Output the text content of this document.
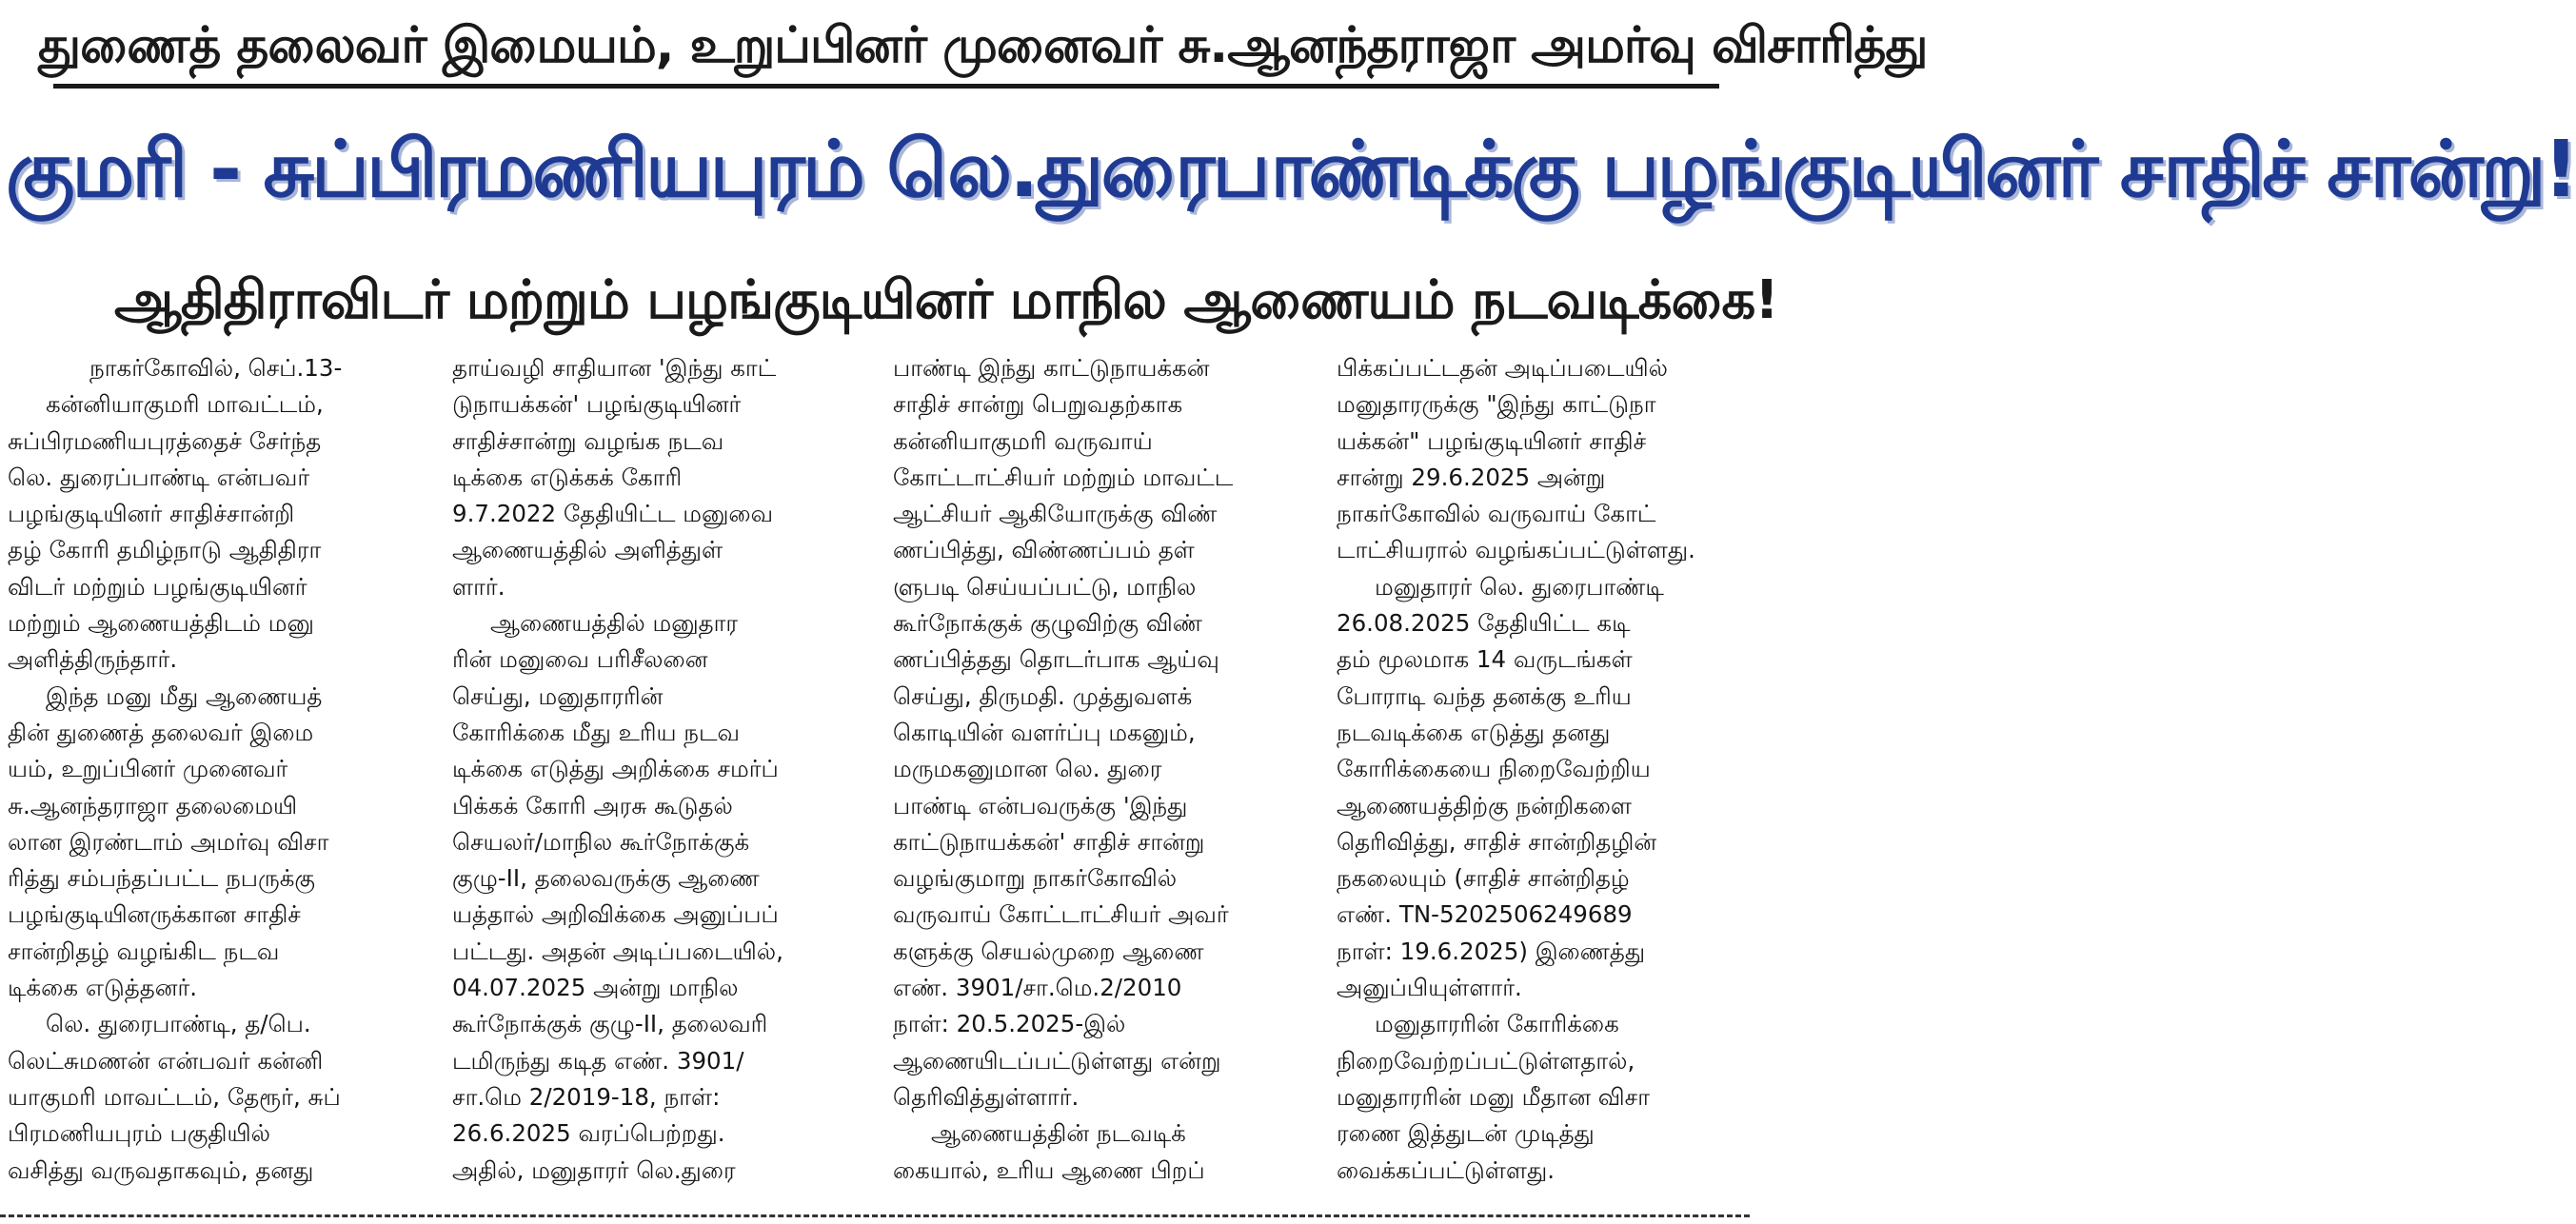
துணைத் தலைவர் இமையம், உறுப்பினர் முனைவர் சு.ஆனந்தராஜா அமர்வு விசாரித்து
குமரி - சுப்பிரமணியபுரம் லெ.துரைபாண்டிக்கு பழங்குடியினர் சாதிச் சான்று!
ஆதிதிராவிடர் மற்றும் பழங்குடியினர் மாநில ஆணையம் நடவடிக்கை!

நாகர்கோவில், செப்.13-

கன்னியாகுமரி மாவட்டம்,

சுப்பிரமணியபுரத்தைச் சேர்ந்த

லெ. துரைப்பாண்டி என்பவர்

பழங்குடியினர் சாதிச்சான்றி

தழ் கோரி தமிழ்நாடு ஆதிதிரா

விடர் மற்றும் பழங்குடியினர்

மற்றும் ஆணையத்திடம் மனு

அளித்திருந்தார்.

இந்த மனு மீது ஆணையத்

தின் துணைத் தலைவர் இமை

யம், உறுப்பினர் முனைவர்

சு.ஆனந்தராஜா தலைமையி

லான இரண்டாம் அமர்வு விசா

ரித்து சம்பந்தப்பட்ட நபருக்கு

பழங்குடியினருக்கான சாதிச்

சான்றிதழ் வழங்கிட நடவ

டிக்கை எடுத்தனர்.

லெ. துரைபாண்டி, த/பெ.

லெட்சுமணன் என்பவர் கன்னி

யாகுமரி மாவட்டம், தேரூர், சுப்

பிரமணியபுரம் பகுதியில்

வசித்து வருவதாகவும், தனது

தாய்வழி சாதியான 'இந்து காட்

டுநாயக்கன்' பழங்குடியினர்

சாதிச்சான்று வழங்க நடவ

டிக்கை எடுக்கக் கோரி

9.7.2022 தேதியிட்ட மனுவை

ஆணையத்தில் அளித்துள்

ளார்.

ஆணையத்தில் மனுதார

ரின் மனுவை பரிசீலனை

செய்து, மனுதாரரின்

கோரிக்கை மீது உரிய நடவ

டிக்கை எடுத்து அறிக்கை சமர்ப்

பிக்கக் கோரி அரசு கூடுதல்

செயலர்/மாநில கூர்நோக்குக்

குழு-II, தலைவருக்கு ஆணை

யத்தால் அறிவிக்கை அனுப்பப்

பட்டது. அதன் அடிப்படையில்,

04.07.2025 அன்று மாநில

கூர்நோக்குக் குழு-II, தலைவரி

டமிருந்து கடித எண். 3901/

சா.மெ 2/2019-18, நாள்:

26.6.2025 வரப்பெற்றது.

அதில், மனுதாரர் லெ.துரை

பாண்டி இந்து காட்டுநாயக்கன்

சாதிச் சான்று பெறுவதற்காக

கன்னியாகுமரி வருவாய்

கோட்டாட்சியர் மற்றும் மாவட்ட

ஆட்சியர் ஆகியோருக்கு விண்

ணப்பித்து, விண்ணப்பம் தள்

ளுபடி செய்யப்பட்டு, மாநில

கூர்நோக்குக் குழுவிற்கு விண்

ணப்பித்தது தொடர்பாக ஆய்வு

செய்து, திருமதி. முத்துவளக்

கொடியின் வளர்ப்பு மகனும்,

மருமகனுமான லெ. துரை

பாண்டி என்பவருக்கு 'இந்து

காட்டுநாயக்கன்' சாதிச் சான்று

வழங்குமாறு நாகர்கோவில்

வருவாய் கோட்டாட்சியர் அவர்

களுக்கு செயல்முறை ஆணை

எண். 3901/சா.மெ.2/2010

நாள்: 20.5.2025-இல்

ஆணையிடப்பட்டுள்ளது என்று

தெரிவித்துள்ளார்.

ஆணையத்தின் நடவடிக்

கையால், உரிய ஆணை பிறப்

பிக்கப்பட்டதன் அடிப்படையில்

மனுதாரருக்கு "இந்து காட்டுநா

யக்கன்" பழங்குடியினர் சாதிச்

சான்று 29.6.2025 அன்று

நாகர்கோவில் வருவாய் கோட்

டாட்சியரால் வழங்கப்பட்டுள்ளது.

மனுதாரர் லெ. துரைபாண்டி

26.08.2025 தேதியிட்ட கடி

தம் மூலமாக 14 வருடங்கள்

போராடி வந்த தனக்கு உரிய

நடவடிக்கை எடுத்து தனது

கோரிக்கையை நிறைவேற்றிய

ஆணையத்திற்கு நன்றிகளை

தெரிவித்து, சாதிச் சான்றிதழின்

நகலையும் (சாதிச் சான்றிதழ்

எண். TN-5202506249689

நாள்: 19.6.2025) இணைத்து

அனுப்பியுள்ளார்.

மனுதாரரின் கோரிக்கை

நிறைவேற்றப்பட்டுள்ளதால்,

மனுதாரரின் மனு மீதான விசா

ரணை இத்துடன் முடித்து

வைக்கப்பட்டுள்ளது.
